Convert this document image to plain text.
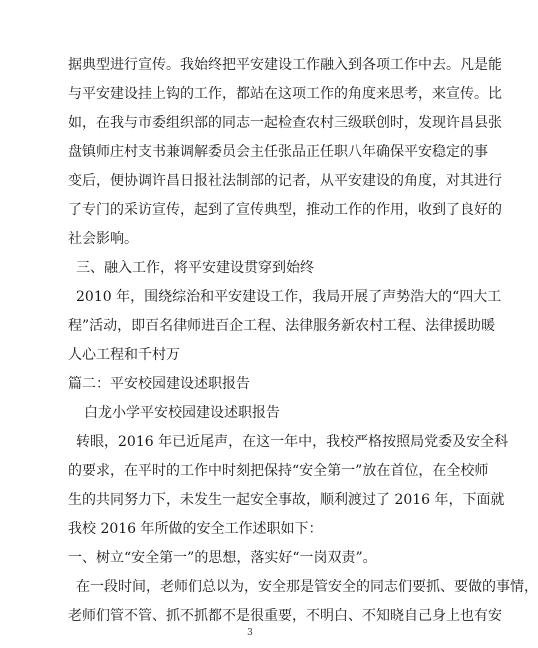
据典型进行宣传。我始终把平安建设工作融入到各项工作中去。凡是能
与平安建设挂上钩的工作，都站在这项工作的角度来思考，来宣传。比
如，在我与市委组织部的同志一起检查农村三级联创时，发现许昌县张
盘镇师庄村支书兼调解委员会主任张品正任职八年确保平安稳定的事
变后，便协调许昌日报社法制部的记者，从平安建设的角度，对其进行
了专门的采访宣传，起到了宣传典型，推动工作的作用，收到了良好的
社会影响。
三、融入工作，将平安建设贯穿到始终
2010 年，围绕综治和平安建设工作，我局开展了声势浩大的“四大工
程”活动，即百名律师进百企工程、法律服务新农村工程、法律援助暖
人心工程和千村万
篇二：平安校园建设述职报告
白龙小学平安校园建设述职报告
转眼，2016 年已近尾声，在这一年中，我校严格按照局党委及安全科
的要求，在平时的工作中时刻把保持“安全第一”放在首位，在全校师
生的共同努力下，未发生一起安全事故，顺利渡过了 2016 年，下面就
我校 2016 年所做的安全工作述职如下：
一、树立“安全第一”的思想，落实好“一岗双责”。
在一段时间，老师们总以为，安全那是管安全的同志们要抓、要做的事情，
老师们管不管、抓不抓都不是很重要，不明白、不知晓自己身上也有安
3
